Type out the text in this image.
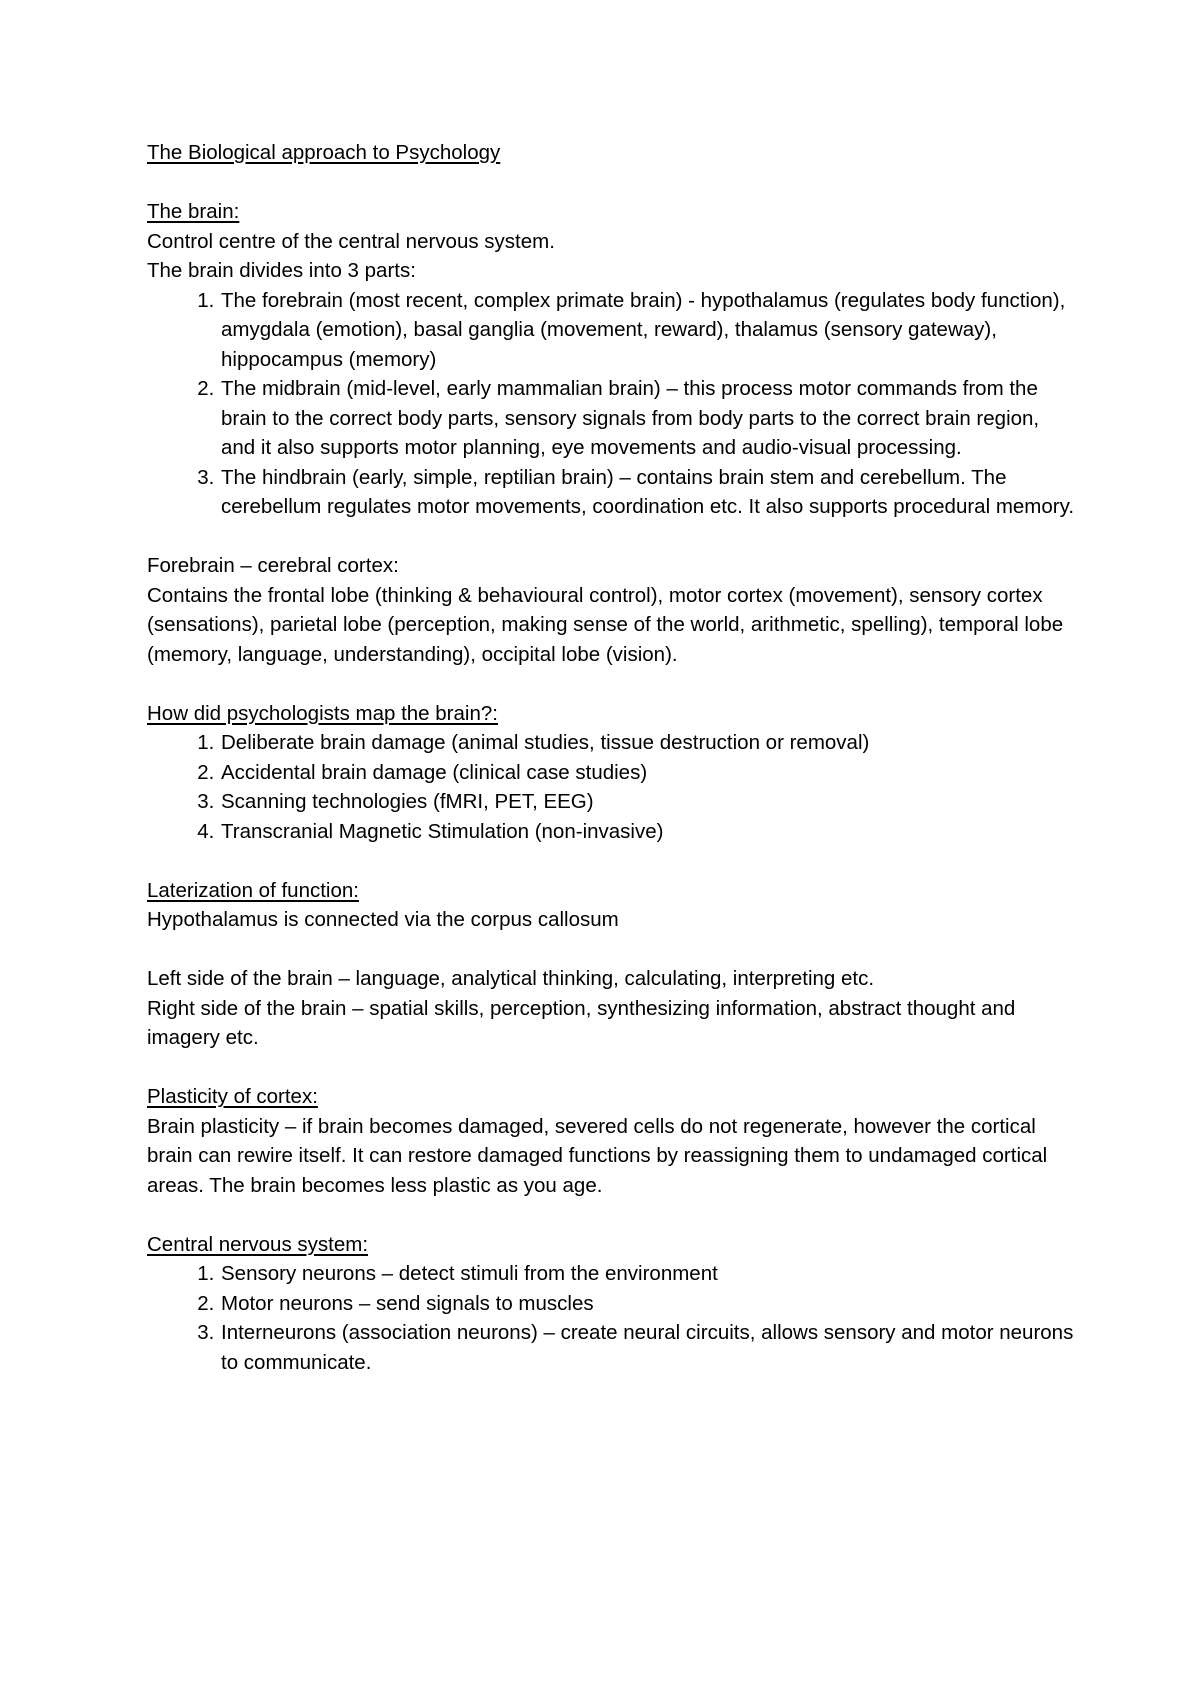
The Biological approach to Psychology

The brain:

Control centre of the central nervous system.

The brain divides into 3 parts:

1. The forebrain (most recent, complex primate brain) - hypothalamus (regulates body function), amygdala (emotion), basal ganglia (movement, reward), thalamus (sensory gateway), hippocampus (memory)
2. The midbrain (mid-level, early mammalian brain) – this process motor commands from the brain to the correct body parts, sensory signals from body parts to the correct brain region, and it also supports motor planning, eye movements and audio-visual processing.
3. The hindbrain (early, simple, reptilian brain) – contains brain stem and cerebellum. The cerebellum regulates motor movements, coordination etc. It also supports procedural memory.

Forebrain – cerebral cortex:

Contains the frontal lobe (thinking & behavioural control), motor cortex (movement), sensory cortex (sensations), parietal lobe (perception, making sense of the world, arithmetic, spelling), temporal lobe (memory, language, understanding), occipital lobe (vision).

How did psychologists map the brain?:

1. Deliberate brain damage (animal studies, tissue destruction or removal)
2. Accidental brain damage (clinical case studies)
3. Scanning technologies (fMRI, PET, EEG)
4. Transcranial Magnetic Stimulation (non-invasive)

Laterization of function:

Hypothalamus is connected via the corpus callosum

Left side of the brain – language, analytical thinking, calculating, interpreting etc.

Right side of the brain – spatial skills, perception, synthesizing information, abstract thought and imagery etc.

Plasticity of cortex:

Brain plasticity – if brain becomes damaged, severed cells do not regenerate, however the cortical brain can rewire itself. It can restore damaged functions by reassigning them to undamaged cortical areas. The brain becomes less plastic as you age.

Central nervous system:

1. Sensory neurons – detect stimuli from the environment
2. Motor neurons – send signals to muscles
3. Interneurons (association neurons) – create neural circuits, allows sensory and motor neurons to communicate.
